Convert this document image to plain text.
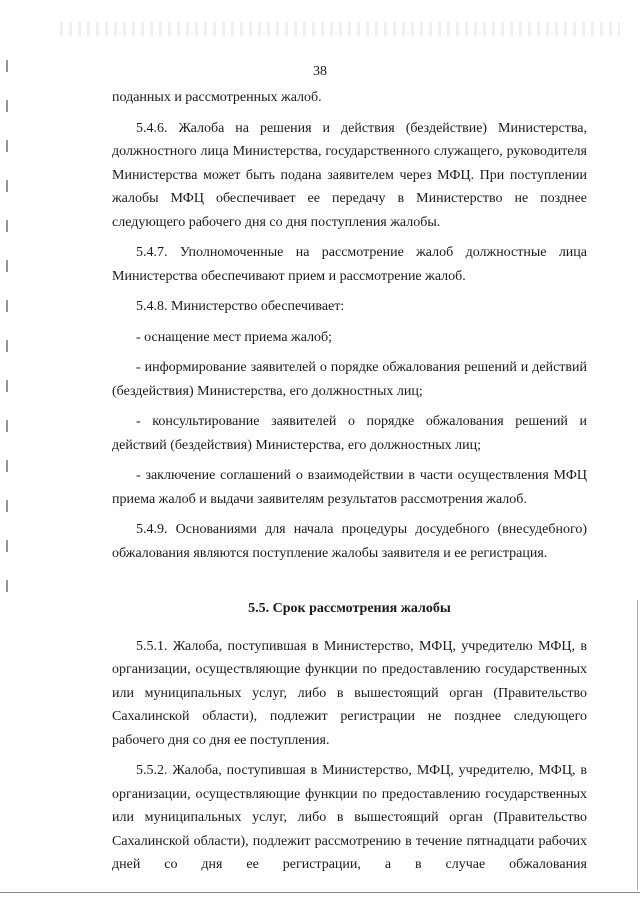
38

поданных и рассмотренных жалоб.

5.4.6. Жалоба на решения и действия (бездействие) Министерства, должностного лица Министерства, государственного служащего, руководителя Министерства может быть подана заявителем через МФЦ. При поступлении жалобы МФЦ обеспечивает ее передачу в Министерство не позднее следующего рабочего дня со дня поступления жалобы.

5.4.7. Уполномоченные на рассмотрение жалоб должностные лица Министерства обеспечивают прием и рассмотрение жалоб.

5.4.8. Министерство обеспечивает:

- оснащение мест приема жалоб;

- информирование заявителей о порядке обжалования решений и действий (бездействия) Министерства, его должностных лиц;

- консультирование заявителей о порядке обжалования решений и действий (бездействия) Министерства, его должностных лиц;

- заключение соглашений о взаимодействии в части осуществления МФЦ приема жалоб и выдачи заявителям результатов рассмотрения жалоб.

5.4.9. Основаниями для начала процедуры досудебного (внесудебного) обжалования являются поступление жалобы заявителя и ее регистрация.

5.5. Срок рассмотрения жалобы

5.5.1. Жалоба, поступившая в Министерство, МФЦ, учредителю МФЦ, в организации, осуществляющие функции по предоставлению государственных или муниципальных услуг, либо в вышестоящий орган (Правительство Сахалинской области), подлежит регистрации не позднее следующего рабочего дня со дня ее поступления.

5.5.2. Жалоба, поступившая в Министерство, МФЦ, учредителю, МФЦ, в организации, осуществляющие функции по предоставлению государственных или муниципальных услуг, либо в вышестоящий орган (Правительство Сахалинской области), подлежит рассмотрению в течение пятнадцати рабочих дней со дня ее регистрации, а в случае обжалования
